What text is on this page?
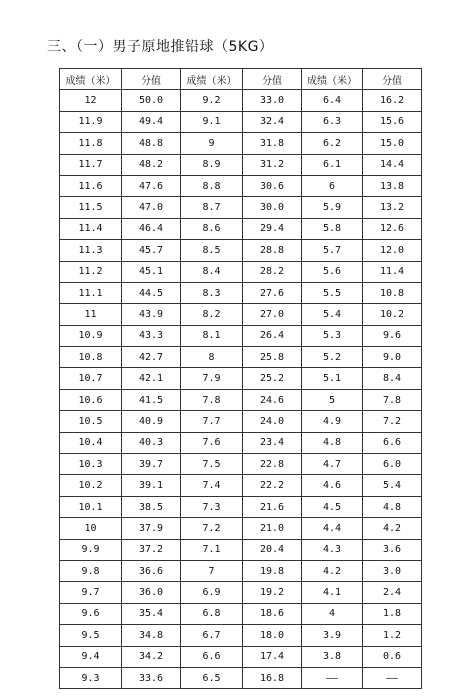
三、（一）男子原地推铅球（5KG）
成绩（米）	分值	成绩（米）	分值	成绩（米）	分值
12	50.0	9.2	33.0	6.4	16.2
11.9	49.4	9.1	32.4	6.3	15.6
11.8	48.8	9	31.8	6.2	15.0
11.7	48.2	8.9	31.2	6.1	14.4
11.6	47.6	8.8	30.6	6	13.8
11.5	47.0	8.7	30.0	5.9	13.2
11.4	46.4	8.6	29.4	5.8	12.6
11.3	45.7	8.5	28.8	5.7	12.0
11.2	45.1	8.4	28.2	5.6	11.4
11.1	44.5	8.3	27.6	5.5	10.8
11	43.9	8.2	27.0	5.4	10.2
10.9	43.3	8.1	26.4	5.3	9.6
10.8	42.7	8	25.8	5.2	9.0
10.7	42.1	7.9	25.2	5.1	8.4
10.6	41.5	7.8	24.6	5	7.8
10.5	40.9	7.7	24.0	4.9	7.2
10.4	40.3	7.6	23.4	4.8	6.6
10.3	39.7	7.5	22.8	4.7	6.0
10.2	39.1	7.4	22.2	4.6	5.4
10.1	38.5	7.3	21.6	4.5	4.8
10	37.9	7.2	21.0	4.4	4.2
9.9	37.2	7.1	20.4	4.3	3.6
9.8	36.6	7	19.8	4.2	3.0
9.7	36.0	6.9	19.2	4.1	2.4
9.6	35.4	6.8	18.6	4	1.8
9.5	34.8	6.7	18.0	3.9	1.2
9.4	34.2	6.6	17.4	3.8	0.6
9.3	33.6	6.5	16.8	——	——
